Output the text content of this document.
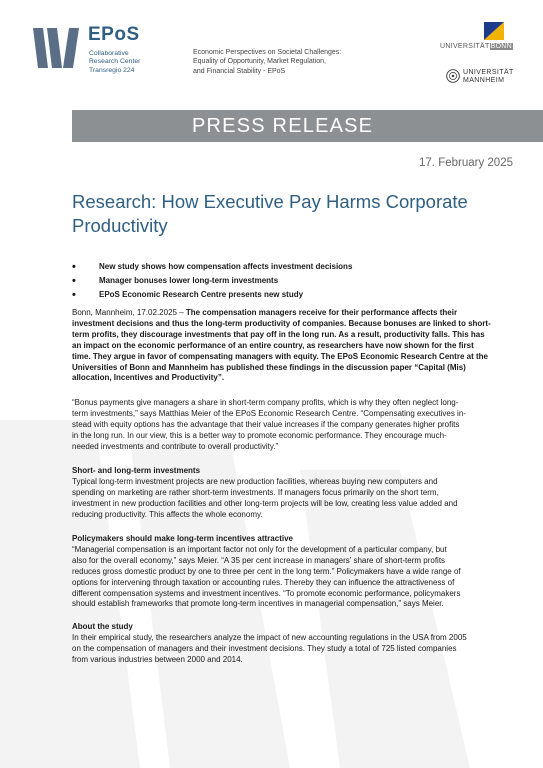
EPoS
Collaborative
Research Center
Transregio 224
Economic Perspectives on Societal Challenges:
Equality of Opportunity, Market Regulation,
and Financial Stability - EPoS
UNIVERSITÄTBONN
UNIVERSITÄT
MANNHEIM
PRESS RELEASE
17. February 2025
Research: How Executive Pay Harms Corporate Productivity
• New study shows how compensation affects investment decisions
• Manager bonuses lower long-term investments
• EPoS Economic Research Centre presents new study
Bonn, Mannheim, 17.02.2025 – The compensation managers receive for their performance affects their
investment decisions and thus the long-term productivity of companies. Because bonuses are linked to short-
term profits, they discourage investments that pay off in the long run. As a result, productivity falls. This has
an impact on the economic performance of an entire country, as researchers have now shown for the first
time. They argue in favor of compensating managers with equity. The EPoS Economic Research Centre at the
Universities of Bonn and Mannheim has published these findings in the discussion paper “Capital (Mis)
allocation, Incentives and Productivity”.
“Bonus payments give managers a share in short-term company profits, which is why they often neglect long-
term investments,” says Matthias Meier of the EPoS Economic Research Centre. “Compensating executives in-
stead with equity options has the advantage that their value increases if the company generates higher profits
in the long run. In our view, this is a better way to promote economic performance. They encourage much-
needed investments and contribute to overall productivity.”
Short- and long-term investments
Typical long-term investment projects are new production facilities, whereas buying new computers and
spending on marketing are rather short-term investments. If managers focus primarily on the short term,
investment in new production facilities and other long-term projects will be low, creating less value added and
reducing productivity. This affects the whole economy.
Policymakers should make long-term incentives attractive
“Managerial compensation is an important factor not only for the development of a particular company, but
also for the overall economy,” says Meier. “A 35 per cent increase in managers’ share of short-term profits
reduces gross domestic product by one to three per cent in the long term.” Policymakers have a wide range of
options for intervening through taxation or accounting rules. Thereby they can influence the attractiveness of
different compensation systems and investment incentives. “To promote economic performance, policymakers
should establish frameworks that promote long-term incentives in managerial compensation,” says Meier.
About the study
In their empirical study, the researchers analyze the impact of new accounting regulations in the USA from 2005
on the compensation of managers and their investment decisions. They study a total of 725 listed companies
from various industries between 2000 and 2014.
